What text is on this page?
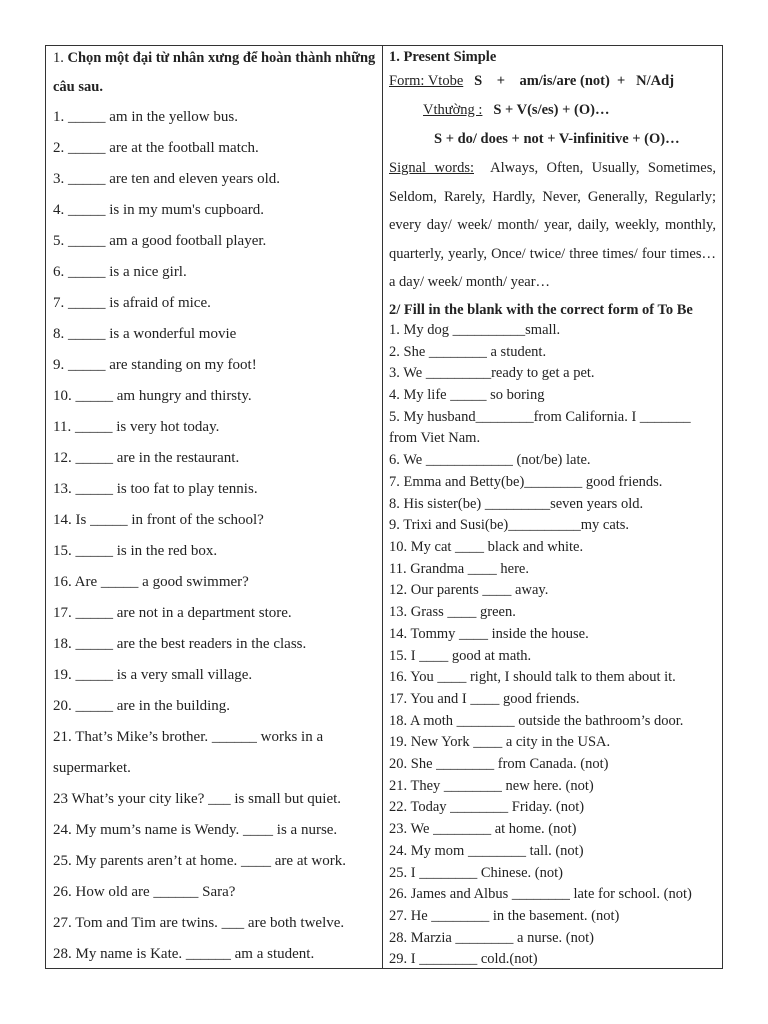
1. Chọn một đại từ nhân xưng để hoàn thành những câu sau.
1. _____ am in the yellow bus.
2. _____ are at the football match.
3. _____ are ten and eleven years old.
4. _____ is in my mum's cupboard.
5. _____ am a good football player.
6. _____ is a nice girl.
7. _____ is afraid of mice.
8. _____ is a wonderful movie
9. _____ are standing on my foot!
10. _____ am hungry and thirsty.
11. _____ is very hot today.
12. _____ are in the restaurant.
13. _____ is too fat to play tennis.
14. Is _____ in front of the school?
15. _____ is in the red box.
16. Are _____ a good swimmer?
17. _____ are not in a department store.
18. _____ are the best readers in the class.
19. _____ is a very small village.
20. _____ are in the building.
21. That’s Mike’s brother. ______ works in a supermarket.
23 What’s your city like? ___ is small but quiet.
24. My mum’s name is Wendy. ____ is a nurse.
25. My parents aren’t at home. ____ are at work.
26. How old are ______ Sara?
27. Tom and Tim are twins. ___ are both twelve.
28. My name is Kate. ______ am a student.
1. Present Simple
Form: Vtobe S    +    am/is/are (not)  +   N/Adj
Vthường : S + V(s/es) + (O)…
S + do/ does + not + V-infinitive + (O)…
Signal words: Always, Often, Usually, Sometimes, Seldom, Rarely, Hardly, Never, Generally, Regularly; every day/ week/ month/ year, daily, weekly, monthly, quarterly, yearly, Once/ twice/ three times/ four times… a day/ week/ month/ year…
2/ Fill in the blank with the correct form of To Be
1. My dog __________small.
2. She ________ a student.
3. We _________ready to get a pet.
4. My life _____ so boring
5. My husband________from California. I _______ from Viet Nam.
6. We ____________ (not/be) late.
7. Emma and Betty(be)________ good friends.
8. His sister(be) _________seven years old.
9. Trixi and Susi(be)__________my cats.
10. My cat ____ black and white.
11. Grandma ____ here.
12. Our parents ____ away.
13. Grass ____ green.
14. Tommy ____ inside the house.
15. I ____ good at math.
16. You ____ right, I should talk to them about it.
17. You and I ____ good friends.
18. A moth ________ outside the bathroom’s door.
19. New York ____ a city in the USA.
20. She ________ from Canada. (not)
21. They ________ new here. (not)
22. Today ________ Friday. (not)
23. We ________ at home. (not)
24. My mom ________ tall. (not)
25. I ________ Chinese. (not)
26. James and Albus ________ late for school. (not)
27. He ________ in the basement. (not)
28. Marzia ________ a nurse. (not)
29. I ________ cold.(not)
